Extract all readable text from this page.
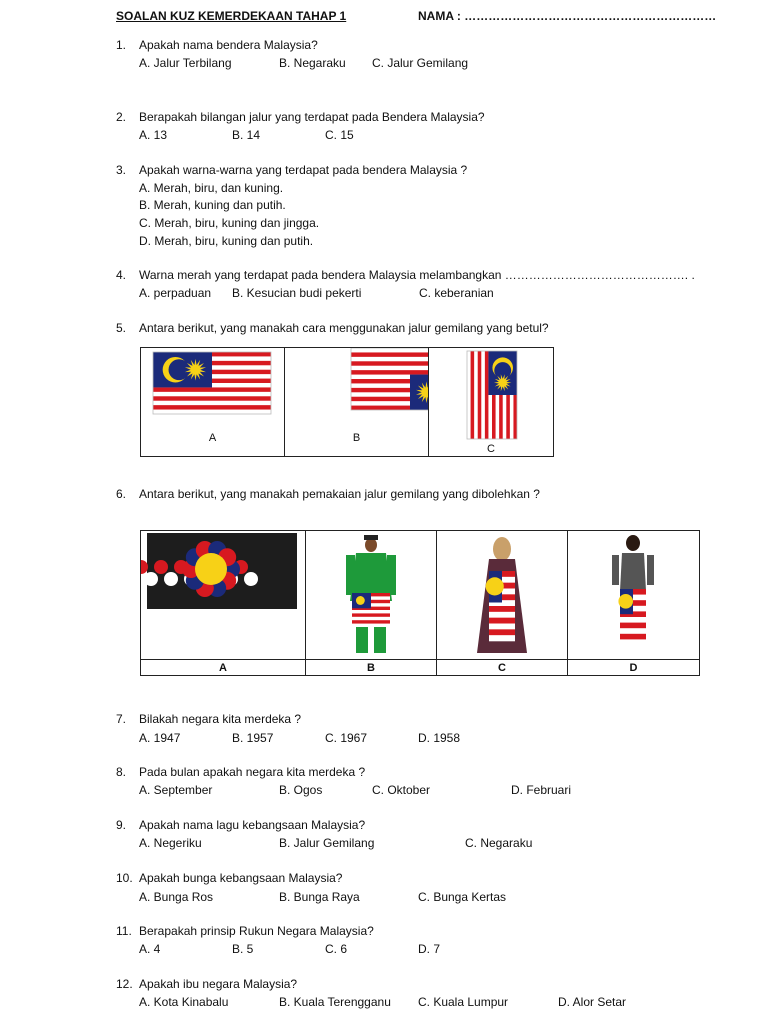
SOALAN KUZ KEMERDEKAAN TAHAP 1	NAMA : ………………………………………………………
1. Apakah nama bendera Malaysia?
A. Jalur Terbilang	B. Negaraku C. Jalur Gemilang
2. Berapakah bilangan jalur yang terdapat pada Bendera Malaysia?
A. 13	B. 14	C. 15
3. Apakah warna-warna yang terdapat pada bendera Malaysia ?
A. Merah, biru, dan kuning.
B. Merah, kuning dan putih.
C. Merah, biru, kuning dan jingga.
D. Merah, biru, kuning dan putih.
4. Warna merah yang terdapat pada bendera Malaysia melambangkan ………………………………………. .
A. perpaduan B. Kesucian budi pekerti	C. keberanian
5. Antara berikut, yang manakah cara menggunakan jalur gemilang yang betul?
A	B

C
6. Antara berikut, yang manakah pemakaian jalur gemilang yang dibolehkan ?

A	B	C	D
7. Bilakah negara kita merdeka ?
A. 1947	B. 1957	C. 1967	D. 1958
8. Pada bulan apakah negara kita merdeka ?
A. September	B. Ogos	C. Oktober	D. Februari
9. Apakah nama lagu kebangsaan Malaysia?
A. Negeriku	B. Jalur Gemilang	C. Negaraku
10. Apakah bunga kebangsaan Malaysia?
A. Bunga Ros	B. Bunga Raya	C. Bunga Kertas
11. Berapakah prinsip Rukun Negara Malaysia?
A. 4	B. 5	C. 6	D. 7
12. Apakah ibu negara Malaysia?
A. Kota Kinabalu	B. Kuala Terengganu C. Kuala Lumpur	D. Alor Setar
